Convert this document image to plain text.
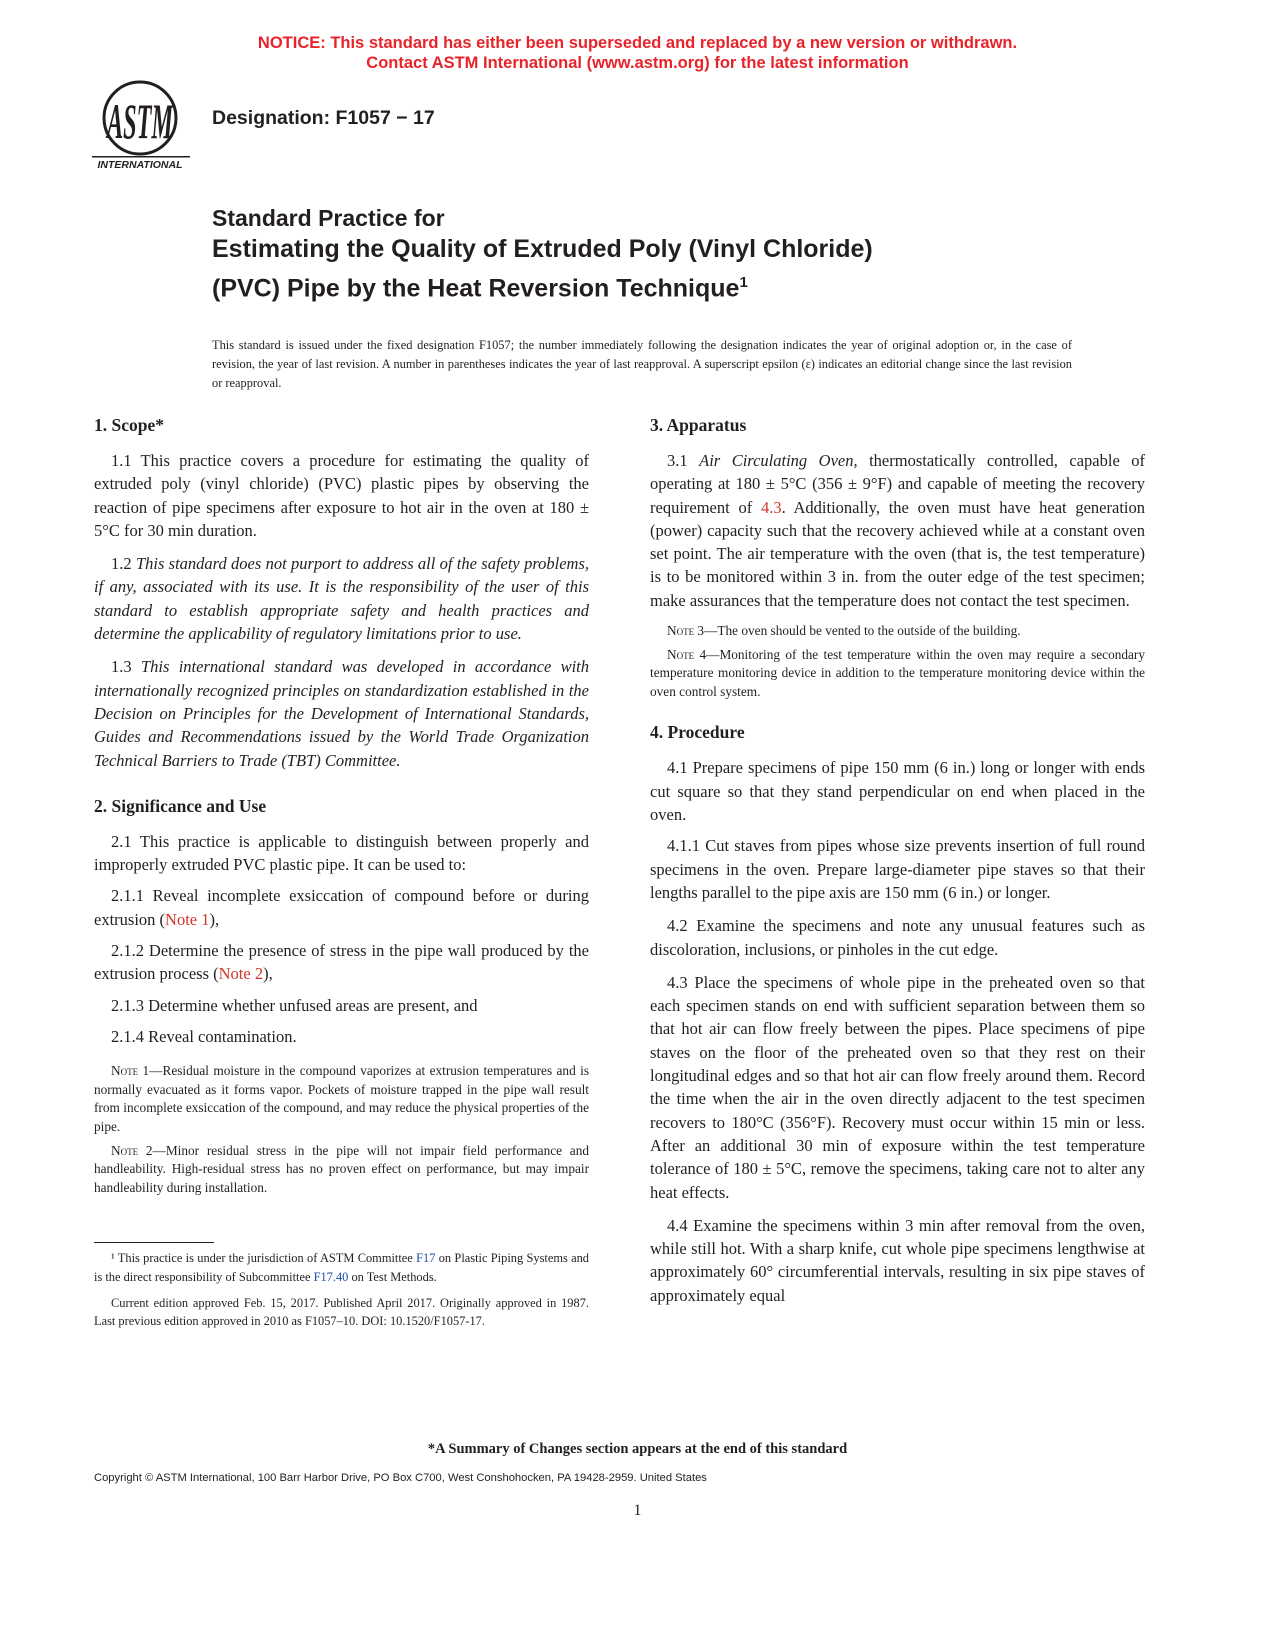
NOTICE: This standard has either been superseded and replaced by a new version or withdrawn.
Contact ASTM International (www.astm.org) for the latest information
ASTM
INTERNATIONAL
Designation: F1057 − 17
Standard Practice for
Estimating the Quality of Extruded Poly (Vinyl Chloride)
(PVC) Pipe by the Heat Reversion Technique$^1$
This standard is issued under the fixed designation F1057; the number immediately following the designation indicates the year of original adoption or, in the case of revision, the year of last revision. A number in parentheses indicates the year of last reapproval. A superscript epsilon (ε) indicates an editorial change since the last revision or reapproval.
1. Scope*

1.1 This practice covers a procedure for estimating the quality of extruded poly (vinyl chloride) (PVC) plastic pipes by observing the reaction of pipe specimens after exposure to hot air in the oven at 180 ± 5°C for 30 min duration.

1.2 This standard does not purport to address all of the safety problems, if any, associated with its use. It is the responsibility of the user of this standard to establish appropriate safety and health practices and determine the applicability of regulatory limitations prior to use.

1.3 This international standard was developed in accordance with internationally recognized principles on standardization established in the Decision on Principles for the Development of International Standards, Guides and Recommendations issued by the World Trade Organization Technical Barriers to Trade (TBT) Committee.

2. Significance and Use

2.1 This practice is applicable to distinguish between properly and improperly extruded PVC plastic pipe. It can be used to:

2.1.1 Reveal incomplete exsiccation of compound before or during extrusion (Note 1),

2.1.2 Determine the presence of stress in the pipe wall produced by the extrusion process (Note 2),

2.1.3 Determine whether unfused areas are present, and

2.1.4 Reveal contamination.

Note 1—Residual moisture in the compound vaporizes at extrusion temperatures and is normally evacuated as it forms vapor. Pockets of moisture trapped in the pipe wall result from incomplete exsiccation of the compound, and may reduce the physical properties of the pipe.

Note 2—Minor residual stress in the pipe will not impair field performance and handleability. High-residual stress has no proven effect on performance, but may impair handleability during installation.

¹ This practice is under the jurisdiction of ASTM Committee F17 on Plastic Piping Systems and is the direct responsibility of Subcommittee F17.40 on Test Methods.

Current edition approved Feb. 15, 2017. Published April 2017. Originally approved in 1987. Last previous edition approved in 2010 as F1057–10. DOI: 10.1520/F1057-17.

3. Apparatus

3.1 Air Circulating Oven, thermostatically controlled, capable of operating at 180 ± 5°C (356 ± 9°F) and capable of meeting the recovery requirement of 4.3. Additionally, the oven must have heat generation (power) capacity such that the recovery achieved while at a constant oven set point. The air temperature with the oven (that is, the test temperature) is to be monitored within 3 in. from the outer edge of the test specimen; make assurances that the temperature does not contact the test specimen.

Note 3—The oven should be vented to the outside of the building.

Note 4—Monitoring of the test temperature within the oven may require a secondary temperature monitoring device in addition to the temperature monitoring device within the oven control system.

4. Procedure

4.1 Prepare specimens of pipe 150 mm (6 in.) long or longer with ends cut square so that they stand perpendicular on end when placed in the oven.

4.1.1 Cut staves from pipes whose size prevents insertion of full round specimens in the oven. Prepare large-diameter pipe staves so that their lengths parallel to the pipe axis are 150 mm (6 in.) or longer.

4.2 Examine the specimens and note any unusual features such as discoloration, inclusions, or pinholes in the cut edge.

4.3 Place the specimens of whole pipe in the preheated oven so that each specimen stands on end with sufficient separation between them so that hot air can flow freely between the pipes. Place specimens of pipe staves on the floor of the preheated oven so that they rest on their longitudinal edges and so that hot air can flow freely around them. Record the time when the air in the oven directly adjacent to the test specimen recovers to 180°C (356°F). Recovery must occur within 15 min or less. After an additional 30 min of exposure within the test temperature tolerance of 180 ± 5°C, remove the specimens, taking care not to alter any heat effects.

4.4 Examine the specimens within 3 min after removal from the oven, while still hot. With a sharp knife, cut whole pipe specimens lengthwise at approximately 60° circumferential intervals, resulting in six pipe staves of approximately equal

*A Summary of Changes section appears at the end of this standard
Copyright © ASTM International, 100 Barr Harbor Drive, PO Box C700, West Conshohocken, PA 19428-2959. United States
1
